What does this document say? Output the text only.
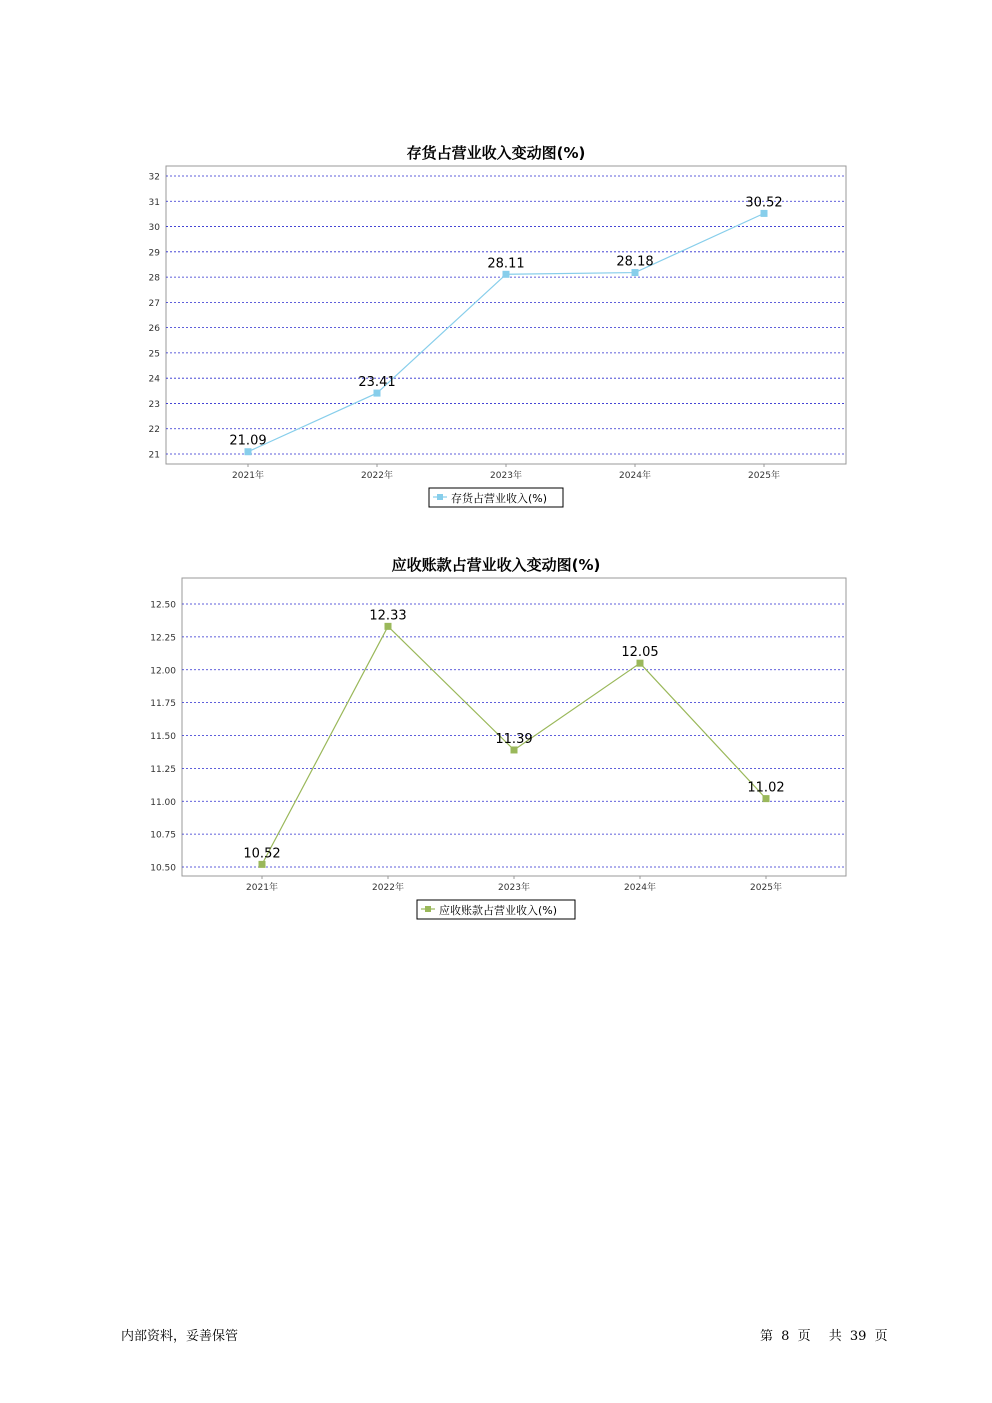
存货占营业收入变动图(%)
21
22
23
24
25
26
27
28
29
30
31
32
2021年	2022年	2023年	2024年	2025年
21.09
23.41
28.11	28.18
30.52
存货占营业收入(%)
应收账款占营业收入变动图(%)
10.50
10.75
11.00
11.25
11.50
11.75
12.00
12.25
12.50
2021年	2022年	2023年	2024年	2025年
10.52
12.33
11.39
12.05
11.02
应收账款占营业收入(%)
内部资料，妥善保管	第 8 页 共 39 页
